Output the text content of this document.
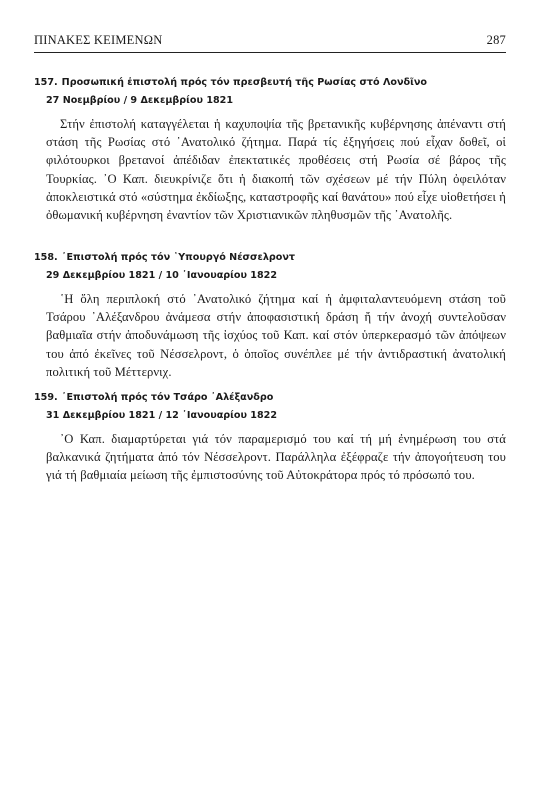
ΠΙΝΑΚΕΣ ΚΕΙΜΕΝΩΝ	287

157. Προσωπική ἐπιστολή πρός τόν πρεσβευτή τῆς Ρωσίας στό Λονδῖνο

27 Νοεμβρίου / 9 Δεκεμβρίου 1821

Στήν ἐπιστολή καταγγέλεται ἡ καχυποψία τῆς βρετανικῆς κυβέρνησης ἀπέναντι στή στάση τῆς Ρωσίας στό ᾿Ανατολικό ζήτημα. Παρά τίς ἐξηγήσεις πού εἶχαν δοθεῖ, οἱ φιλότουρκοι βρετανοί ἀπέδιδαν ἐπεκτατικές προθέσεις στή Ρωσία σέ βάρος τῆς Τουρκίας. ᾿Ο Καπ. διευκρίνιζε ὅτι ἡ διακοπή τῶν σχέσεων μέ τήν Πύλη ὀφειλόταν ἀποκλειστικά στό «σύστημα ἐκδίωξης, καταστροφῆς καί θανάτου» πού εἶχε υἱοθετήσει ἡ ὀθωμανική κυβέρνηση ἐναντίον τῶν Χριστιανικῶν πληθυσμῶν τῆς ᾿Ανατολῆς.

158. ᾿Επιστολή πρός τόν ῾Υπουργό Νέσσελροντ

29 Δεκεμβρίου 1821 / 10 ᾿Ιανουαρίου 1822

῾Η ὅλη περιπλοκή στό ᾿Ανατολικό ζήτημα καί ἡ ἀμφιταλαντευόμενη στάση τοῦ Τσάρου ᾿Αλέξανδρου ἀνάμεσα στήν ἀποφασιστική δράση ἤ τήν ἀνοχή συντελοῦσαν βαθμιαῖα στήν ἀποδυνάμωση τῆς ἰσχύος τοῦ Καπ. καί στόν ὑπερκερασμό τῶν ἀπόψεων του ἀπό ἐκεῖνες τοῦ Νέσσελροντ, ὁ ὁποῖος συνέπλεε μέ τήν ἀντιδραστική ἀνατολική πολιτική τοῦ Μέττερνιχ.

159. ᾿Επιστολή πρός τόν Τσάρο ᾿Αλέξανδρο

31 Δεκεμβρίου 1821 / 12 ᾿Ιανουαρίου 1822

᾿Ο Καπ. διαμαρτύρεται γιά τόν παραμερισμό του καί τή μή ἐνημέρωση του στά βαλκανικά ζητήματα ἀπό τόν Νέσσελροντ. Παράλληλα ἐξέφραζε τήν ἀπογοήτευση του γιά τή βαθμιαία μείωση τῆς ἐμπιστοσύνης τοῦ Αὐτοκράτορα πρός τό πρόσωπό του.
